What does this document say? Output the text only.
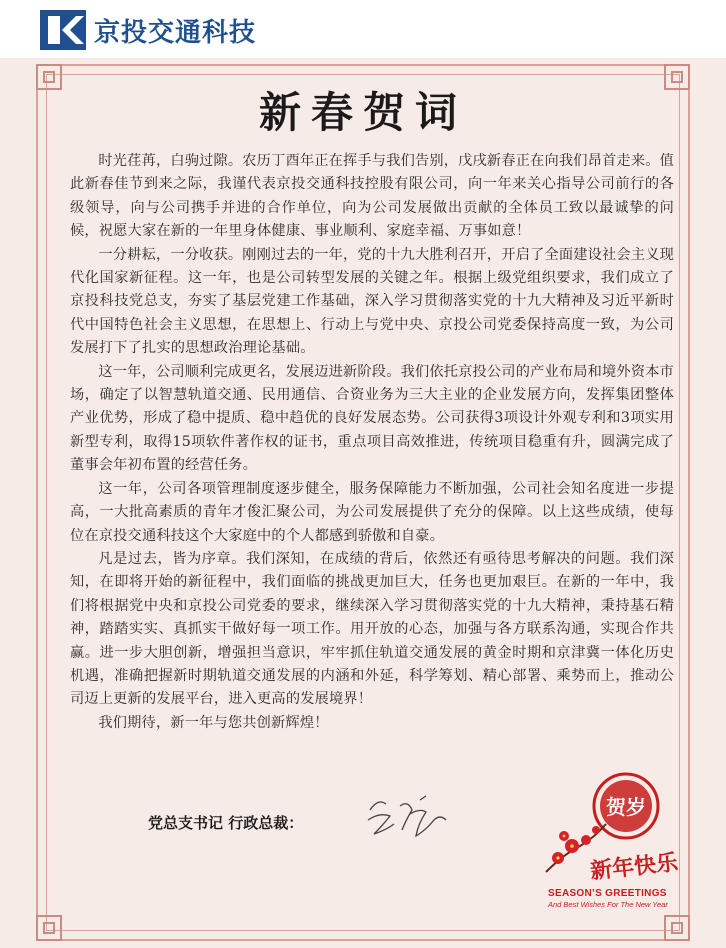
京投交通科技
新春贺词

时光荏苒，白驹过隙。农历丁酉年正在挥手与我们告别，戊戌新春正在向我们昂首走来。值此新春佳节到来之际，我谨代表京投交通科技控股有限公司，向一年来关心指导公司前行的各级领导，向与公司携手并进的合作单位，向为公司发展做出贡献的全体员工致以最诚挚的问候，祝愿大家在新的一年里身体健康、事业顺利、家庭幸福、万事如意！

一分耕耘，一分收获。刚刚过去的一年，党的十九大胜利召开，开启了全面建设社会主义现代化国家新征程。这一年，也是公司转型发展的关键之年。根据上级党组织要求，我们成立了京投科技党总支，夯实了基层党建工作基础，深入学习贯彻落实党的十九大精神及习近平新时代中国特色社会主义思想，在思想上、行动上与党中央、京投公司党委保持高度一致，为公司发展打下了扎实的思想政治理论基础。

这一年，公司顺利完成更名，发展迈进新阶段。我们依托京投公司的产业布局和境外资本市场，确定了以智慧轨道交通、民用通信、合资业务为三大主业的企业发展方向，发挥集团整体产业优势，形成了稳中提质、稳中趋优的良好发展态势。公司获得3项设计外观专利和3项实用新型专利，取得15项软件著作权的证书，重点项目高效推进，传统项目稳重有升，圆满完成了董事会年初布置的经营任务。

这一年，公司各项管理制度逐步健全，服务保障能力不断加强，公司社会知名度进一步提高，一大批高素质的青年才俊汇聚公司，为公司发展提供了充分的保障。以上这些成绩，使每位在京投交通科技这个大家庭中的个人都感到骄傲和自豪。

凡是过去，皆为序章。我们深知，在成绩的背后，依然还有亟待思考解决的问题。我们深知，在即将开始的新征程中，我们面临的挑战更加巨大，任务也更加艰巨。在新的一年中，我们将根据党中央和京投公司党委的要求，继续深入学习贯彻落实党的十九大精神，秉持基石精神，踏踏实实、真抓实干做好每一项工作。用开放的心态，加强与各方联系沟通，实现合作共赢。进一步大胆创新，增强担当意识，牢牢抓住轨道交通发展的黄金时期和京津冀一体化历史机遇，准确把握新时期轨道交通发展的内涵和外延，科学筹划、精心部署、乘势而上，推动公司迈上更新的发展平台，进入更高的发展境界！

我们期待，新一年与您共创新辉煌！

党总支书记 行政总裁：
贺岁
新年快乐
SEASON’S GREETINGS
And Best Wishes For The New Year
